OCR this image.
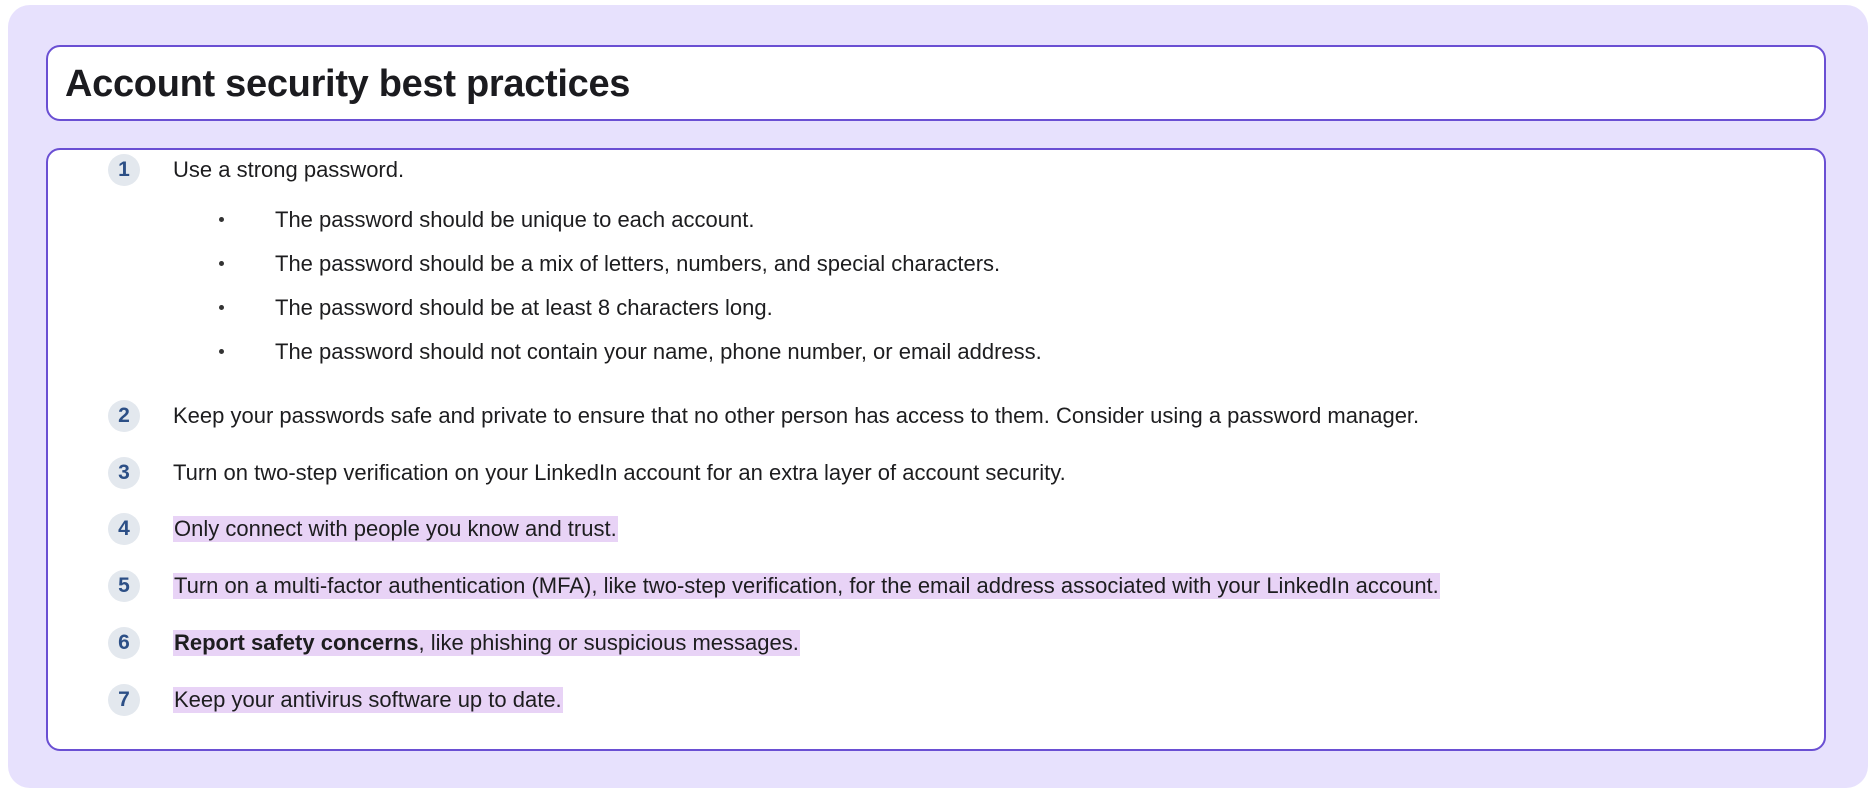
Account security best practices
1	Use a strong password.
The password should be unique to each account.
The password should be a mix of letters, numbers, and special characters.
The password should be at least 8 characters long.
The password should not contain your name, phone number, or email address.
2	Keep your passwords safe and private to ensure that no other person has access to them. Consider using a password manager.
3	Turn on two-step verification on your LinkedIn account for an extra layer of account security.
4	Only connect with people you know and trust.
5	Turn on a multi-factor authentication (MFA), like two-step verification, for the email address associated with your LinkedIn account.
6	Report safety concerns, like phishing or suspicious messages.
7	Keep your antivirus software up to date.
